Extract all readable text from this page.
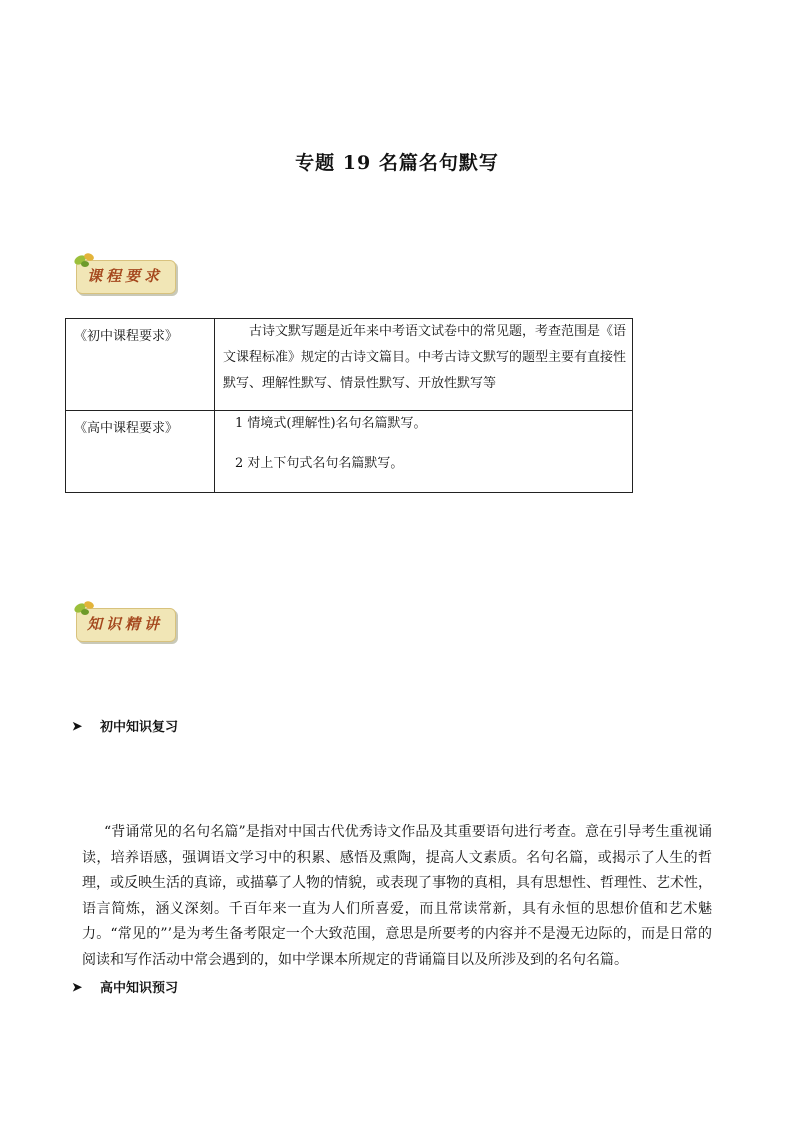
专题 19 名篇名句默写
课程要求
《初中课程要求》	古诗文默写题是近年来中考语文试卷中的常见题，考查范围是《语文课程标准》规定的古诗文篇目。中考古诗文默写的题型主要有直接性默写、理解性默写、情景性默写、开放性默写等

《高中课程要求》	1 情境式(理解性)名句名篇默写。
2 对上下句式名句名篇默写。
知识精讲
➤	初中知识复习

“背诵常见的名句名篇”是指对中国古代优秀诗文作品及其重要语句进行考查。意在引导考生重视诵读，培养语感，强调语文学习中的积累、感悟及熏陶，提高人文素质。名句名篇，或揭示了人生的哲理，或反映生活的真谛，或描摹了人物的情貌，或表现了事物的真相，具有思想性、哲理性、艺术性，语言简炼，涵义深刻。千百年来一直为人们所喜爱，而且常读常新，具有永恒的思想价值和艺术魅力。“常见的”’是为考生备考限定一个大致范围，意思是所要考的内容并不是漫无边际的，而是日常的阅读和写作活动中常会遇到的，如中学课本所规定的背诵篇目以及所涉及到的名句名篇。

➤	高中知识预习
